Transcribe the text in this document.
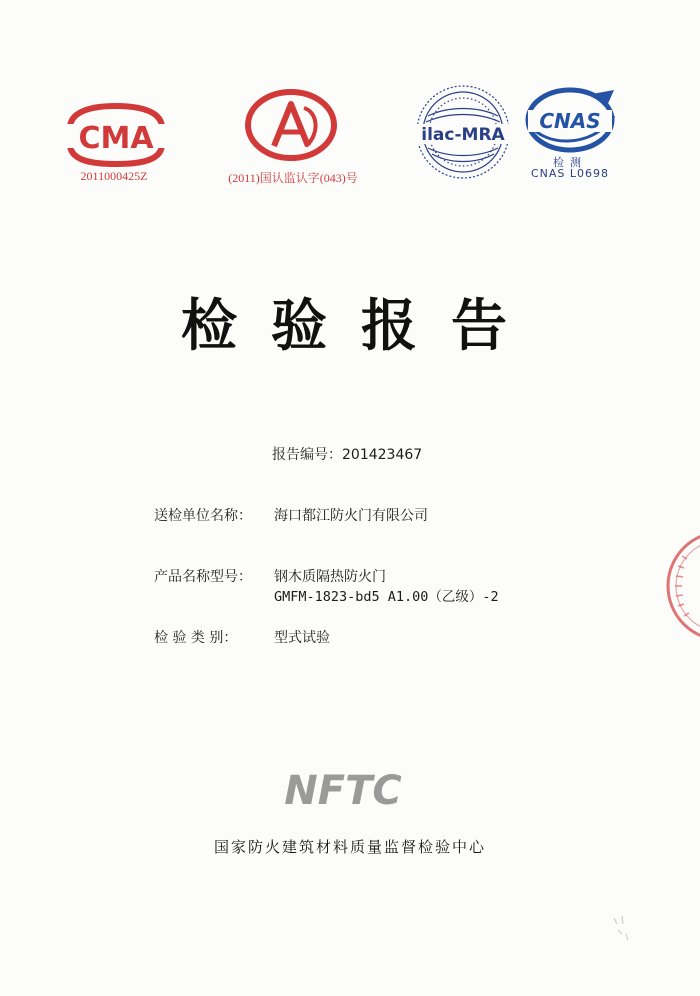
CMA
2011000425Z	(2011)国认监认字(043)号
ilac-MRA
CNAS
检测
CNAS L0698
检验报告
报告编号：201423467
送检单位名称： 海口都江防火门有限公司
产品名称型号： 钢木质隔热防火门
GMFM-1823-bd5 A1.00（乙级）-2
检 验 类 别：	型式试验
NFTC
国家防火建筑材料质量监督检验中心
